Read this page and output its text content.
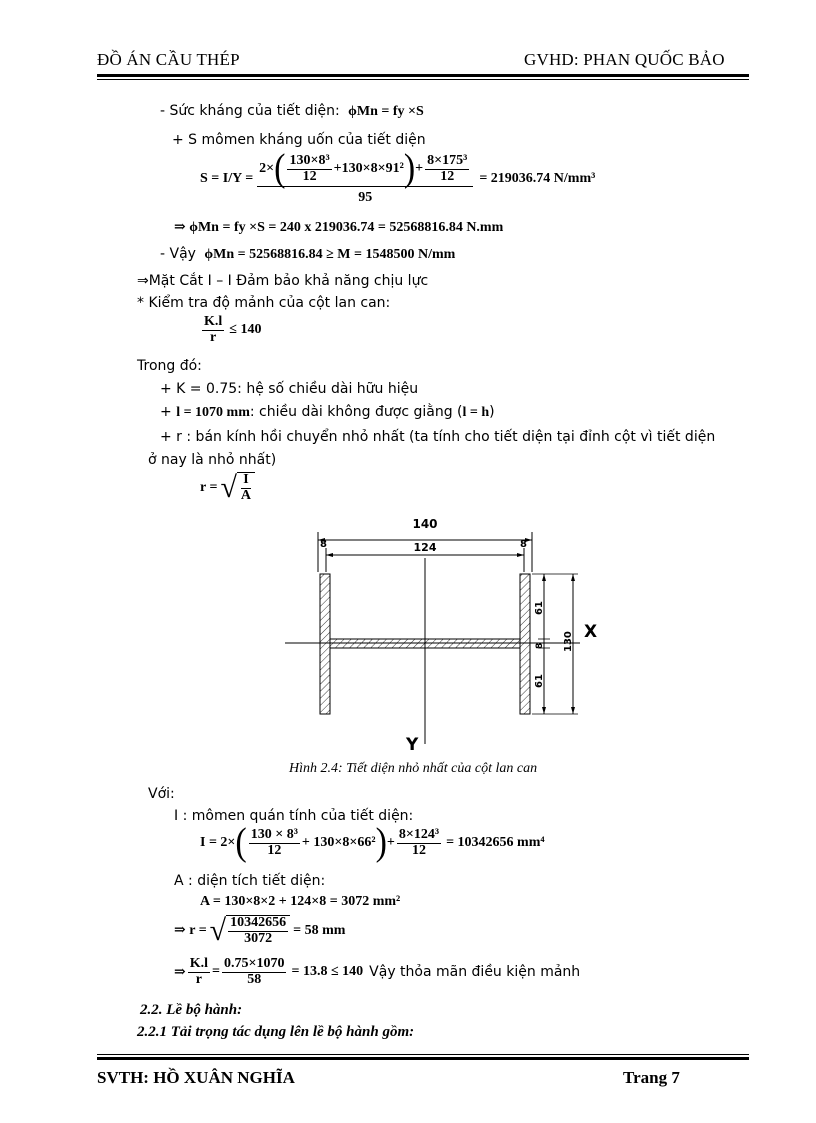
ĐỒ ÁN CẦU THÉP	GVHD: PHAN QUỐC BẢO
- Sức kháng của tiết diện: ϕMn = fy ×S
+ S mômen kháng uốn của tiết diện
S = I/Y =
2× ( $\frac{\text{130×8³}}{12} +130\times 8\times 91^2$ ) + $\frac{\text{8×175³}}{12}$
95
= 219036.74 N/mm³
⇒ ϕMn = fy ×S = 240 x 219036.74 = 52568816.84 N.mm
- Vậy ϕMn = 52568816.84 ≥ M = 1548500 N/mm
⇒Mặt Cắt I – I Đảm bảo khả năng chịu lực
* Kiểm tra độ mảnh của cột lan can:
$\frac{K.l}{r} \le 140$
Trong đó:
+ K = 0.75: hệ số chiều dài hữu hiệu
+ l = 1070 mm: chiều dài không được giằng (l = h)
+ r : bán kính hồi chuyển nhỏ nhất (ta tính cho tiết diện tại đỉnh cột vì tiết diện
ở nay là nhỏ nhất)
r = √ $\frac{I}{A}$
140
124
8	8
61
8
61
130 X
Y
Hình 2.4: Tiết diện nhỏ nhất của cột lan can
Với:
I : mômen quán tính của tiết diện:
I = 2× ( $\frac{\text{130 × 8³}}{12} + 130\times 8\times 66^2$ ) + $\frac{\text{8×124³}}{12} = 10342656$ mm⁴
A : diện tích tiết diện:
A = 130×8×2 + 124×8 = 3072 mm²
⇒ r = √ $\frac{10342656}{3072} = 58$ mm
⇒ $\frac{K.l}{r} = \frac{0.75\times 1070}{58} = 13.8 \le 140$ Vậy thỏa mãn điều kiện mảnh
2.2. Lề bộ hành:
2.2.1 Tải trọng tác dụng lên lề bộ hành gồm:
SVTH: HỒ XUÂN NGHĨA	Trang 7
